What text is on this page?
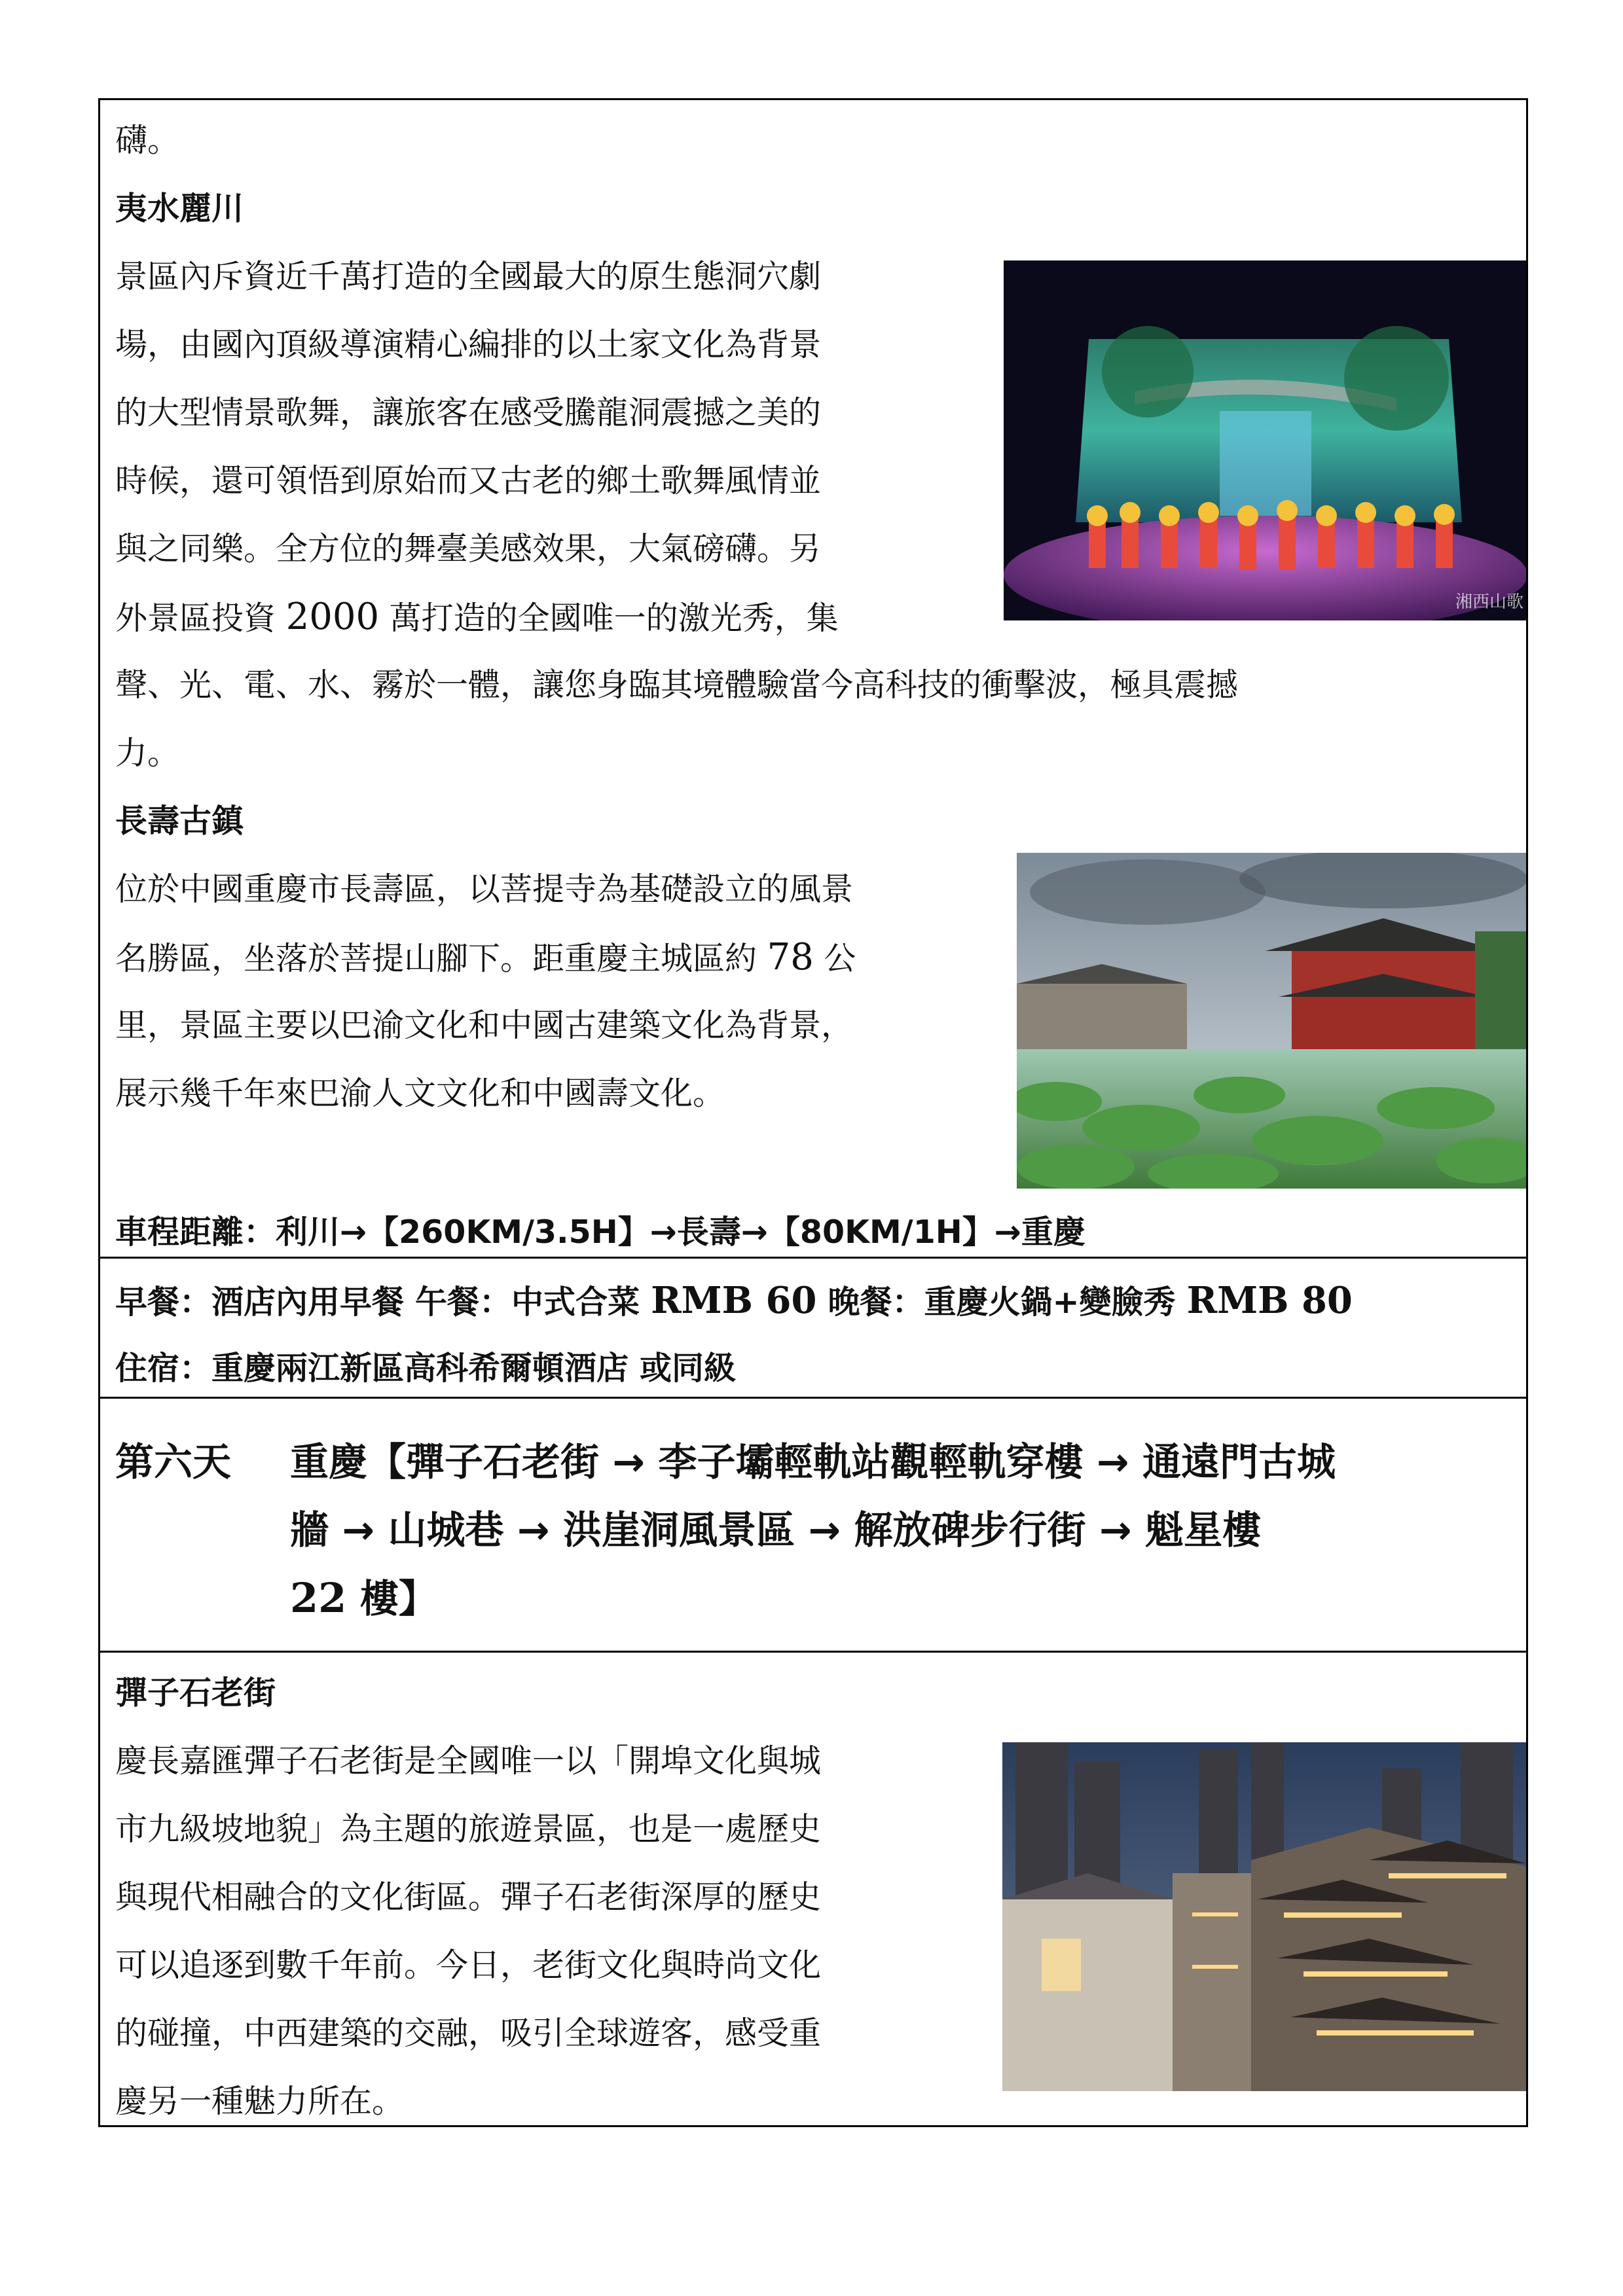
礴。
夷水麗川
景區內斥資近千萬打造的全國最大的原生態洞穴劇
場，由國內頂級導演精心編排的以土家文化為背景
的大型情景歌舞，讓旅客在感受騰龍洞震撼之美的
時候，還可領悟到原始而又古老的鄉土歌舞風情並
與之同樂。全方位的舞臺美感效果，大氣磅礴。另
外景區投資 2000 萬打造的全國唯一的激光秀，集
聲、光、電、水、霧於一體，讓您身臨其境體驗當今高科技的衝擊波，極具震撼
力。
湘西山歌
長壽古鎮
位於中國重慶市長壽區，以菩提寺為基礎設立的風景
名勝區，坐落於菩提山腳下。距重慶主城區約 78 公
里，景區主要以巴渝文化和中國古建築文化為背景，
展示幾千年來巴渝人文文化和中國壽文化。
車程距離：利川→【260KM/3.5H】→長壽→【80KM/1H】→重慶
早餐：酒店內用早餐 午餐：中式合菜 RMB 60 晚餐：重慶火鍋+變臉秀 RMB 80
住宿：重慶兩江新區高科希爾頓酒店 或同級
第六天 重慶【彈子石老街 → 李子壩輕軌站觀輕軌穿樓 → 通遠門古城
牆 → 山城巷 → 洪崖洞風景區 → 解放碑步行街 → 魁星樓
22 樓】
彈子石老街
慶長嘉匯彈子石老街是全國唯一以「開埠文化與城
市九級坡地貌」為主題的旅遊景區，也是一處歷史
與現代相融合的文化街區。彈子石老街深厚的歷史
可以追逐到數千年前。今日，老街文化與時尚文化
的碰撞，中西建築的交融，吸引全球遊客，感受重
慶另一種魅力所在。
